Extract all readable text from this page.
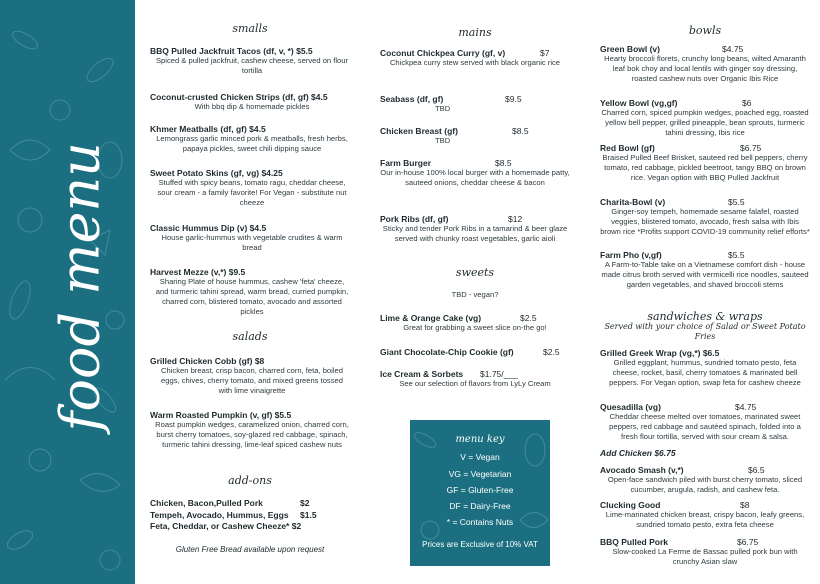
food menu FARMTOTABLE
smalls
BBQ Pulled Jackfruit Tacos (df, v, *) $5.5
Spiced & pulled jackfruit, cashew cheese, served on flour tortilla
Coconut-crusted Chicken Strips (df, gf) $4.5
With bbq dip & homemade pickles
Khmer Meatballs (df, gf) $4.5
Lemongrass garlic minced pork & meatballs, fresh herbs, papaya pickles, sweet chili dipping sauce
Sweet Potato Skins (gf, vg) $4.25
Stuffed with spicy beans, tomato ragu, cheddar cheese, sour cream - a family favorite! For Vegan - substitute nut cheeze
Classic Hummus Dip (v) $4.5
House garlic-hummus with vegetable crudites & warm bread
Harvest Mezze (v,*) $9.5
Sharing Plate of house hummus, cashew 'feta' cheeze, and turmeric tahini spread, warm bread, curried pumpkin, charred corn, blistered tomato, avocado and assorted pickles
salads
Grilled Chicken Cobb (gf) $8
Chicken breast, crisp bacon, charred corn, feta, boiled eggs, chives, cherry tomato, and mixed greens tossed with lime vinaigrette
Warm Roasted Pumpkin (v, gf) $5.5
Roast pumpkin wedges, caramelized onion, charred corn, burst cherry tomatoes, soy-glazed red cabbage, spinach, turmeric tahini dressing, lime-leaf spiced cashew nuts
add-ons
Chicken, Bacon,Pulled Pork	$2
Tempeh, Avocado, Hummus, Eggs $1.5
Feta, Cheddar, or Cashew Cheeze* $2
Gluten Free Bread available upon request
mains
Coconut Chickpea Curry (gf, v)	$7
Chickpea curry stew served with black organic rice
Seabass (df, gf)	$9.5
TBD
Chicken Breast (gf)	$8.5
TBD
Farm Burger	$8.5
Our in-house 100% local burger with a homemade patty, sauteed onions, cheddar cheese & bacon
Pork Ribs (df, gf)	$12
Sticky and tender Pork Ribs in a tamarind & beer glaze served with chunky roast vegetables, garlic aioli
sweets
TBD - vegan?
Lime & Orange Cake (vg)	$2.5
Great for grabbing a sweet slice on-the go!
Giant Chocolate-Chip Cookie (gf)	$2.5
Ice Cream & Sorbets $1.75/___
See our selection of flavors from LyLy Cream
menu key
V = Vegan
VG = Vegetarian
GF = Gluten-Free
DF = Dairy-Free
* = Contains Nuts
Prices are Exclusive of 10% VAT
bowls
Green Bowl (v)	$4.75
Hearty broccoli florets, crunchy long beans, wilted Amaranth leaf bok choy and local lentils with ginger soy dressing, roasted cashew nuts over Organic Ibis Rice
Yellow Bowl (vg,gf)	$6
Charred corn, spiced pumpkin wedges, poached egg, roasted yellow bell pepper, grilled pineapple, bean sprouts, turmeric tahini dressing, Ibis rice
Red Bowl (gf)	$6.75
Braised Pulled Beef Brisket, sauteed red bell peppers, cherry tomato, red cabbage, pickled beetroot, tangy BBQ on brown rice. Vegan option with BBQ Pulled Jackfruit
Charita-Bowl (v)	$5.5
Ginger-soy tempeh, homemade sesame falafel, roasted veggies, blistered tomato, avocado, fresh salsa with Ibis brown rice *Profits support COVID-19 community relief efforts*
Farm Pho (v,gf)	$5.5
A Farm-to-Table take on a Vietnamese comfort dish - house made citrus broth served with vermicelli rice noodles, sauteed garden vegetables, and shaved broccoli stems
sandwiches & wraps
Served with your choice of Salad or Sweet Potato Fries
Grilled Greek Wrap (vg,*) $6.5
Grilled eggplant, hummus, sundried tomato pesto, feta cheese, rocket, basil, cherry tomatoes & marinated bell peppers. For Vegan option, swap feta for cashew cheeze
Quesadilla (vg)	$4.75
Cheddar cheese melted over tomatoes, marinated sweet peppers, red cabbage and sautéed spinach, folded into a fresh flour tortilla, served with sour cream & salsa.
Add Chicken $6.75
Avocado Smash (v,*)	$6.5
Open-face sandwich piled with burst cherry tomato, sliced cucumber, arugula, radish, and cashew feta.
Clucking Good	$8
Lime-marinated chicken breast, crispy bacon, leafy greens, sundried tomato pesto, extra feta cheese
BBQ Pulled Pork	$6.75
Slow-cooked La Ferme de Bassac pulled pork bun with crunchy Asian slaw
